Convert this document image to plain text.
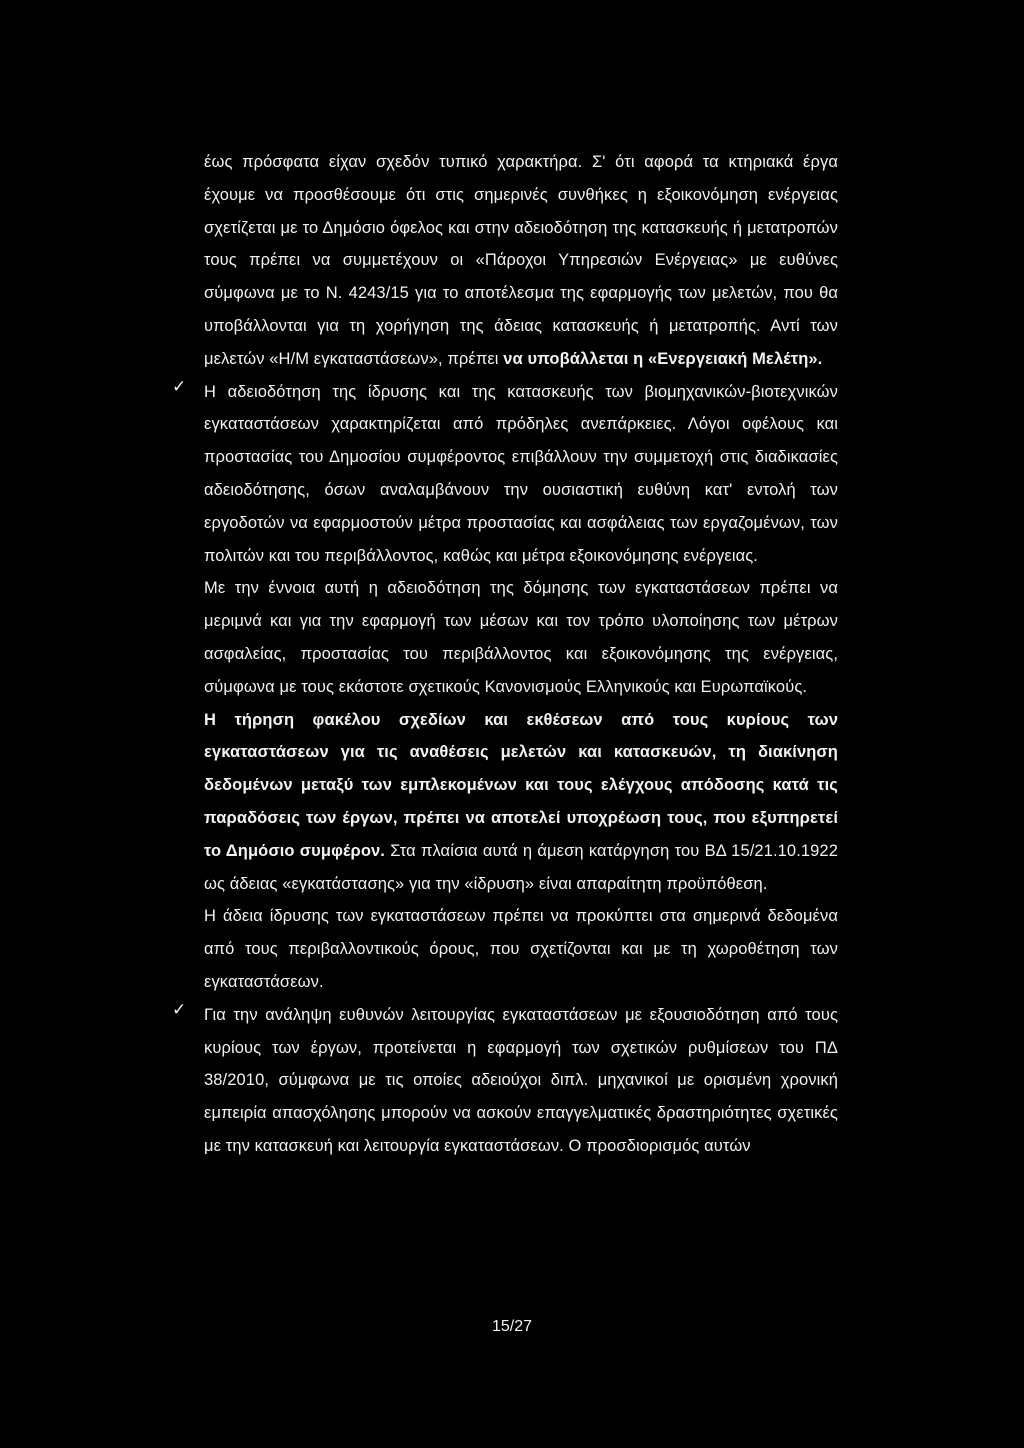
έως πρόσφατα είχαν σχεδόν τυπικό χαρακτήρα. Σ' ότι αφορά τα κτηριακά έργα έχουμε να προσθέσουμε ότι στις σημερινές συνθήκες η εξοικονόμηση ενέργειας σχετίζεται με το Δημόσιο όφελος και στην αδειοδότηση της κατασκευής ή μετατροπών τους πρέπει να συμμετέχουν οι «Πάροχοι Υπηρεσιών Ενέργειας» με ευθύνες σύμφωνα με το Ν. 4243/15 για το αποτέλεσμα της εφαρμογής των μελετών, που θα υποβάλλονται για τη χορήγηση της άδειας κατασκευής ή μετατροπής. Αντί των μελετών «Η/Μ εγκαταστάσεων», πρέπει να υποβάλλεται η «Ενεργειακή Μελέτη».

✓ Η αδειοδότηση της ίδρυσης και της κατασκευής των βιομηχανικών-βιοτεχνικών εγκαταστάσεων χαρακτηρίζεται από πρόδηλες ανεπάρκειες. Λόγοι οφέλους και προστασίας του Δημοσίου συμφέροντος επιβάλλουν την συμμετοχή στις διαδικασίες αδειοδότησης, όσων αναλαμβάνουν την ουσιαστική ευθύνη κατ' εντολή των εργοδοτών να εφαρμοστούν μέτρα προστασίας και ασφάλειας των εργαζομένων, των πολιτών και του περιβάλλοντος, καθώς και μέτρα εξοικονόμησης ενέργειας.

Με την έννοια αυτή η αδειοδότηση της δόμησης των εγκαταστάσεων πρέπει να μεριμνά και για την εφαρμογή των μέσων και τον τρόπο υλοποίησης των μέτρων ασφαλείας, προστασίας του περιβάλλοντος και εξοικονόμησης της ενέργειας, σύμφωνα με τους εκάστοτε σχετικούς Κανονισμούς Ελληνικούς και Ευρωπαϊκούς.

Η τήρηση φακέλου σχεδίων και εκθέσεων από τους κυρίους των εγκαταστάσεων για τις αναθέσεις μελετών και κατασκευών, τη διακίνηση δεδομένων μεταξύ των εμπλεκομένων και τους ελέγχους απόδοσης κατά τις παραδόσεις των έργων, πρέπει να αποτελεί υποχρέωση τους, που εξυπηρετεί το Δημόσιο συμφέρον. Στα πλαίσια αυτά η άμεση κατάργηση του ΒΔ 15/21.10.1922 ως άδειας «εγκατάστασης» για την «ίδρυση» είναι απαραίτητη προϋπόθεση.

Η άδεια ίδρυσης των εγκαταστάσεων πρέπει να προκύπτει στα σημερινά δεδομένα από τους περιβαλλοντικούς όρους, που σχετίζονται και με τη χωροθέτηση των εγκαταστάσεων.

✓ Για την ανάληψη ευθυνών λειτουργίας εγκαταστάσεων με εξουσιοδότηση από τους κυρίους των έργων, προτείνεται η εφαρμογή των σχετικών ρυθμίσεων του ΠΔ 38/2010, σύμφωνα με τις οποίες αδειούχοι διπλ. μηχανικοί με ορισμένη χρονική εμπειρία απασχόλησης μπορούν να ασκούν επαγγελματικές δραστηριότητες σχετικές με την κατασκευή και λειτουργία εγκαταστάσεων. Ο προσδιορισμός αυτών

15/27
